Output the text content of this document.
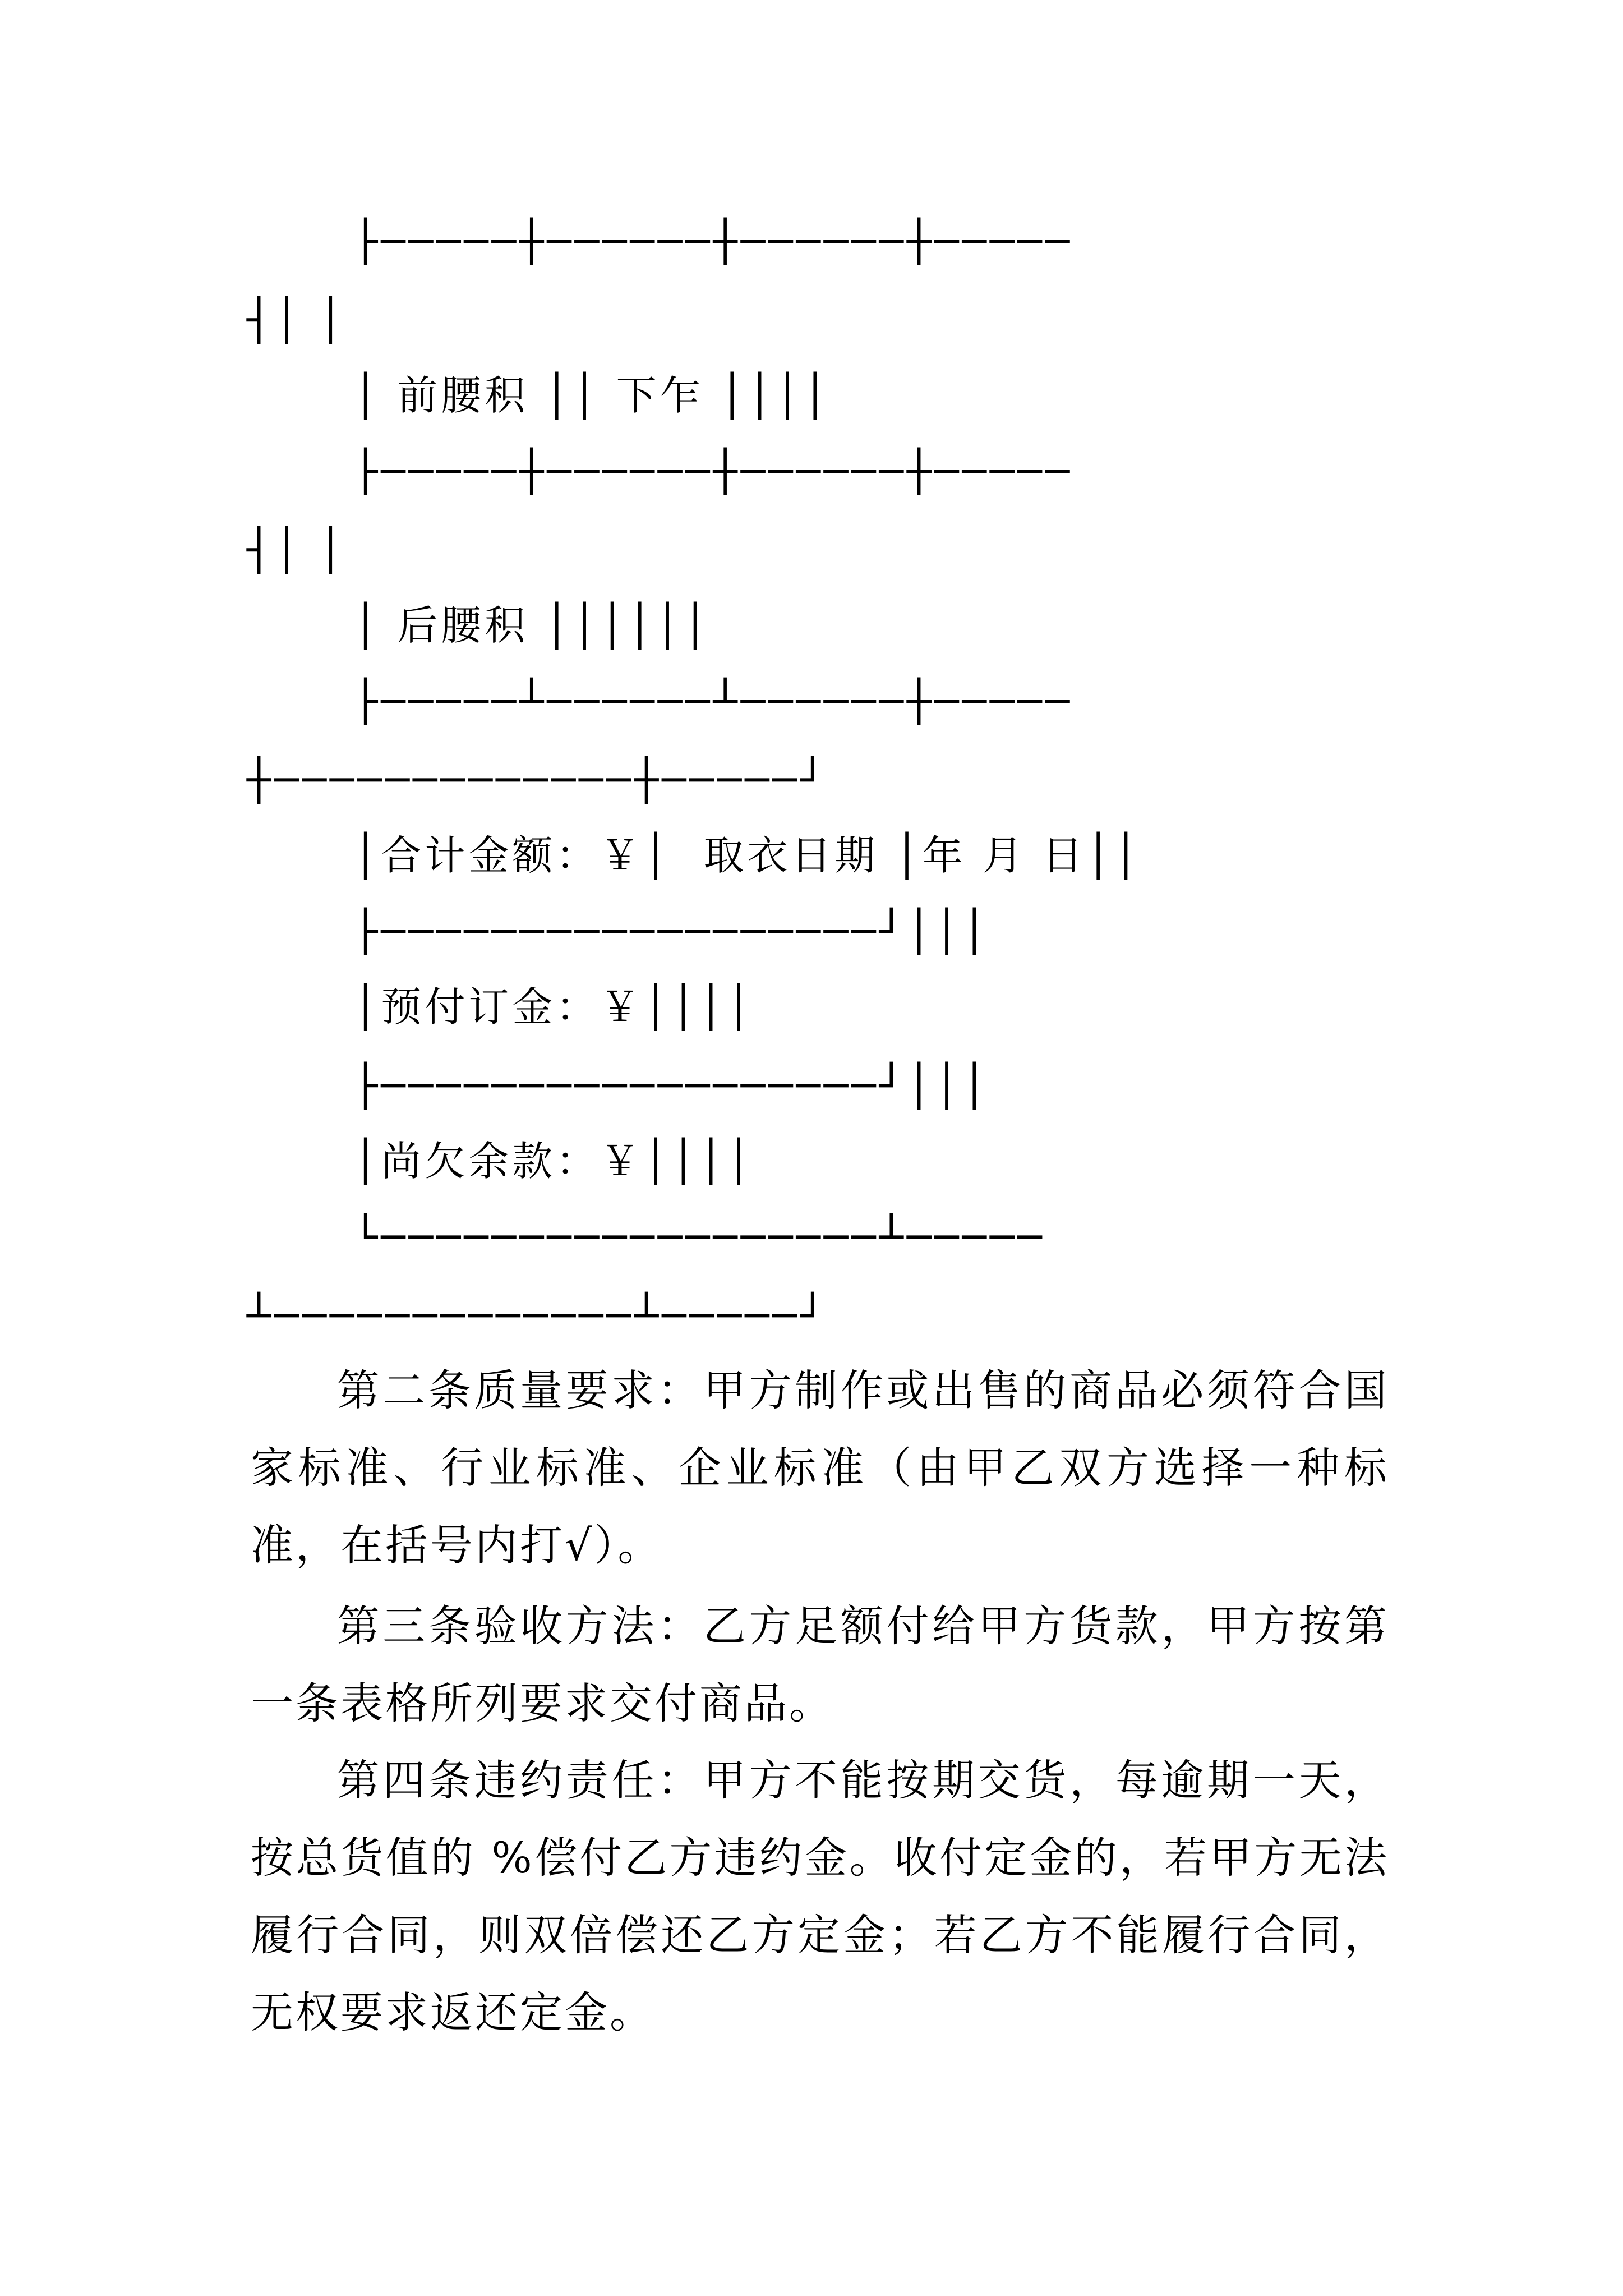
├─────┼──────┼──────┼─────
┤│ │
│ 前腰积 ││ 下乍 ││││
├─────┼──────┼──────┼─────
┤│ │
│ 后腰积 ││││││
├─────┴──────┴──────┼─────
┼─────────────┼─────┘
│合计金额：￥│  取衣日期 │年 月 日││
├──────────────────┘│││
│预付订金：￥││││
├──────────────────┘│││
│尚欠余款：￥││││
└──────────────────┴─────
┴─────────────┴─────┘
第二条质量要求：甲方制作或出售的商品必须符合国家标准、行业标准、企业标准（由甲乙双方选择一种标准，在括号内打√）。
第三条验收方法：乙方足额付给甲方货款，甲方按第一条表格所列要求交付商品。
第四条违约责任：甲方不能按期交货，每逾期一天，按总货值的 %偿付乙方违约金。收付定金的，若甲方无法履行合同，则双倍偿还乙方定金；若乙方不能履行合同，无权要求返还定金。
